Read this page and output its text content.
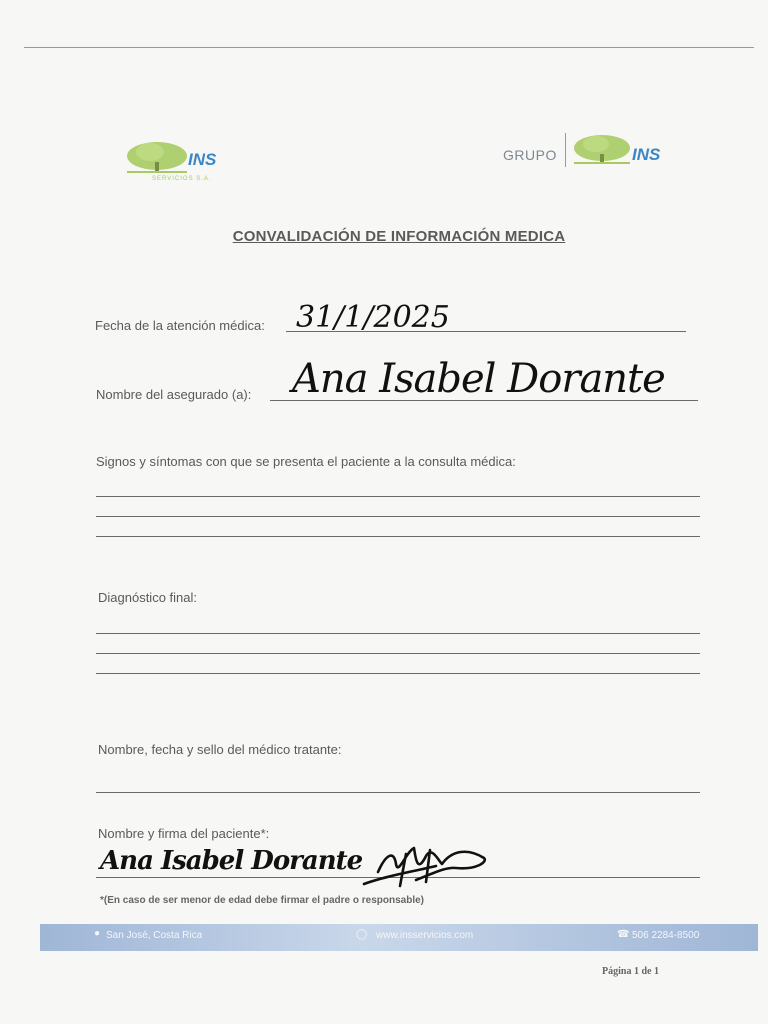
INS
SERVICIOS S.A.
GRUPO	INS
CONVALIDACIÓN DE INFORMACIÓN MEDICA
Fecha de la atención médica: 31/1/2025
Nombre del asegurado (a): Ana Isabel Dorante
Signos y síntomas con que se presenta el paciente a la consulta médica:
Diagnóstico final:
Nombre, fecha y sello del médico tratante:
Nombre y firma del paciente*:
Ana Isabel Dorante
*(En caso de ser menor de edad debe firmar el padre o responsable)
● San José, Costa Rica	◯ www.insservicios.com	☎ 506 2284-8500
Página 1 de 1
